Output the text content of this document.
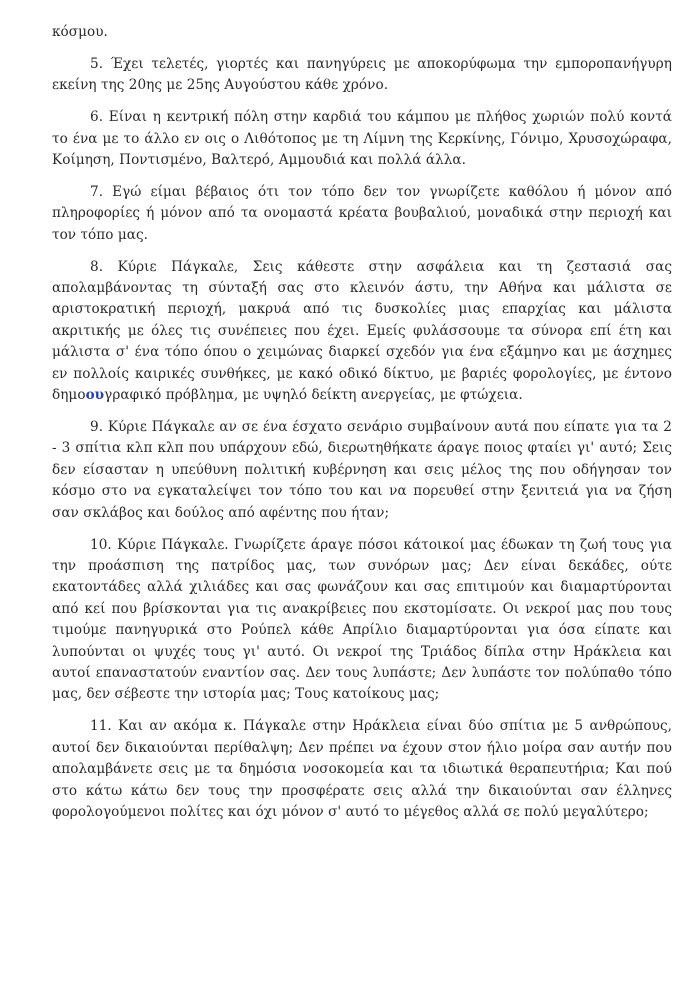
κόσμου.

5. Έχει τελετές, γιορτές και πανηγύρεις με αποκορύφωμα την εμποροπανήγυρη εκείνη της 20ης με 25ης Αυγούστου κάθε χρόνο.

6. Είναι η κεντρική πόλη στην καρδιά του κάμπου με πλήθος χωριών πολύ κοντά το ένα με το άλλο εν οις ο Λιθότοπος με τη Λίμνη της Κερκίνης, Γόνιμο, Χρυσοχώραφα, Κοίμηση, Ποντισμένο, Βαλτερό, Αμμουδιά και πολλά άλλα.

7. Εγώ είμαι βέβαιος ότι τον τόπο δεν τον γνωρίζετε καθόλου ή μόνον από πληροφορίες ή μόνον από τα ονομαστά κρέατα βουβαλιού, μοναδικά στην περιοχή και τον τόπο μας.

8. Κύριε Πάγκαλε, Σεις κάθεστε στην ασφάλεια και τη ζεστασιά σας απολαμβάνοντας τη σύνταξή σας στο κλεινόν άστυ, την Αθήνα και μάλιστα σε αριστοκρατική περιοχή, μακρυά από τις δυσκολίες μιας επαρχίας και μάλιστα ακριτικής με όλες τις συνέπειες που έχει. Εμείς φυλάσσουμε τα σύνορα επί έτη και μάλιστα σ' ένα τόπο όπου ο χειμώνας διαρκεί σχεδόν για ένα εξάμηνο και με άσχημες εν πολλοίς καιρικές συνθήκες, με κακό οδικό δίκτυο, με βαριές φορολογίες, με έντονο δημοουγραφικό πρόβλημα, με υψηλό δείκτη ανεργείας, με φτώχεια.

9. Κύριε Πάγκαλε αν σε ένα έσχατο σενάριο συμβαίνουν αυτά που είπατε για τα 2 - 3 σπίτια κλπ κλπ που υπάρχουν εδώ, διερωτηθήκατε άραγε ποιος φταίει γι' αυτό; Σεις δεν είσασταν η υπεύθυνη πολιτική κυβέρνηση και σεις μέλος της που οδήγησαν τον κόσμο στο να εγκαταλείψει τον τόπο του και να πορευθεί στην ξενιτειά για να ζήση σαν σκλάβος και δούλος από αφέντης που ήταν;

10. Κύριε Πάγκαλε. Γνωρίζετε άραγε πόσοι κάτοικοί μας έδωκαν τη ζωή τους για την προάσπιση της πατρίδος μας, των συνόρων μας; Δεν είναι δεκάδες, ούτε εκατοντάδες αλλά χιλιάδες και σας φωνάζουν και σας επιτιμούν και διαμαρτύρονται από κεί που βρίσκονται για τις ανακρίβειες που εκστομίσατε. Οι νεκροί μας που τους τιμούμε πανηγυρικά στο Ρούπελ κάθε Απρίλιο διαμαρτύρονται για όσα είπατε και λυπούνται οι ψυχές τους γι' αυτό. Οι νεκροί της Τριάδος δίπλα στην Ηράκλεια και αυτοί επαναστατούν εναντίον σας. Δεν τους λυπάστε; Δεν λυπάστε τον πολύπαθο τόπο μας, δεν σέβεστε την ιστορία μας; Τους κατοίκους μας;

11. Και αν ακόμα κ. Πάγκαλε στην Ηράκλεια είναι δύο σπίτια με 5 ανθρώπους, αυτοί δεν δικαιούνται περίθαλψη; Δεν πρέπει να έχουν στον ήλιο μοίρα σαν αυτήν που απολαμβάνετε σεις με τα δημόσια νοσοκομεία και τα ιδιωτικά θεραπευτήρια; Και πού στο κάτω κάτω δεν τους την προσφέρατε σεις αλλά την δικαιούνται σαν έλληνες φορολογούμενοι πολίτες και όχι μόνον σ' αυτό το μέγεθος αλλά σε πολύ μεγαλύτερο;
